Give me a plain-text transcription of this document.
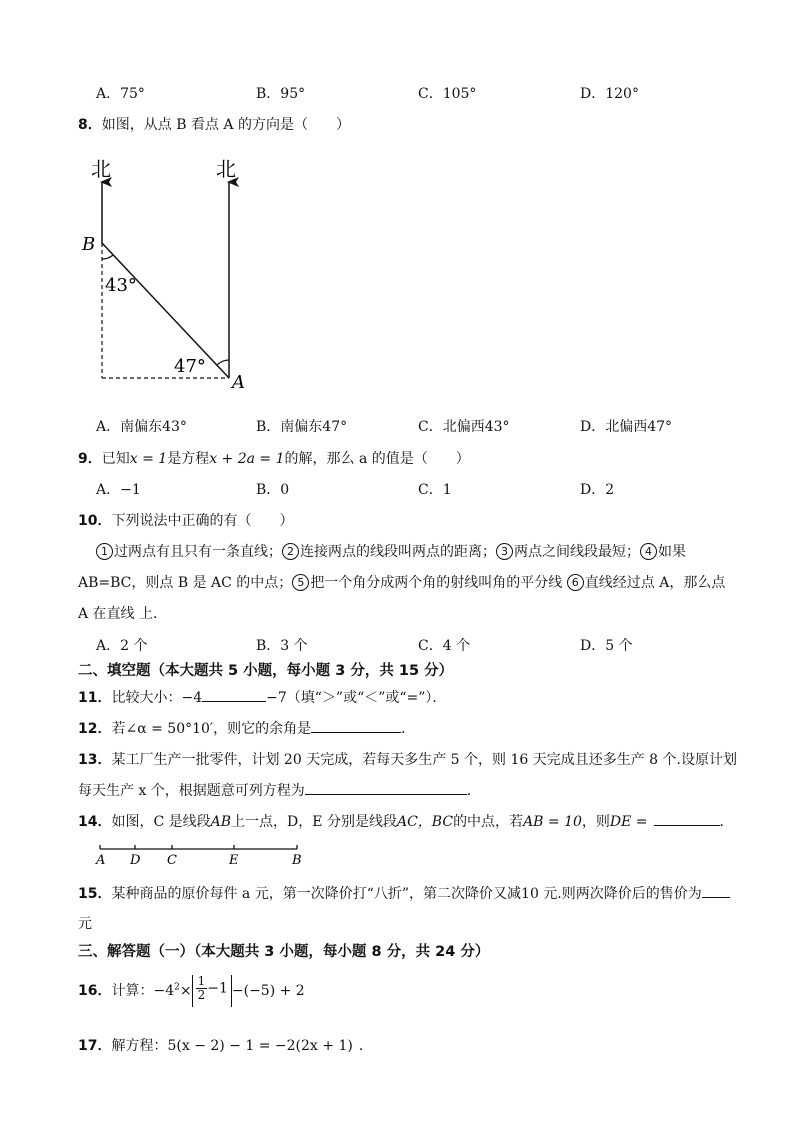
A．75°	B．95°	C．105°	D．120°
8．如图，从点 B 看点 A 的方向是（　　）
北	北
B
A
43°
47°
A．南偏东43°	B．南偏东47°	C．北偏西43°	D．北偏西47°
9．已知x = 1是方程x + 2a = 1的解，那么 a 的值是（　　）
A．−1	B．0	C．1	D．2
10．下列说法中正确的有（　　）
1 过两点有且只有一条直线； 2 连接两点的线段叫两点的距离； 3 两点之间线段最短； 4 如果
AB=BC，则点 B 是 AC 的中点； 5 把一个角分成两个角的射线叫角的平分线 6 直线经过点 A，那么点
A 在直线 上．
A．2 个	B．3 个	C．4 个	D．5 个
二、填空题（本大题共 5 小题，每小题 3 分，共 15 分）
11．比较大小：−4	−7（填“＞”或“＜”或“=”）．
12．若∠α = 50°10′，则它的余角是	．
13．某工厂生产一批零件，计划 20 天完成，若每天多生产 5 个，则 16 天完成且还多生产 8 个.设原计划
每天生产 x 个，根据题意可列方程为	.
14．如图，C 是线段AB上一点，D，E 分别是线段AC，BC的中点，若AB = 10，则DE =	．
A D C	E	B
15．某种商品的原价每件 a 元，第一次降价打“八折”，第二次降价又减10 元.则两次降价后的售价为
元
三、解答题（一）（本大题共 3 小题，每小题 8 分，共 24 分）
16．计算：$-4^2\times \frac{1}{2} -1 -(-5) + 2$
17．解方程：5(x − 2) − 1 = −2(2x + 1) ．
